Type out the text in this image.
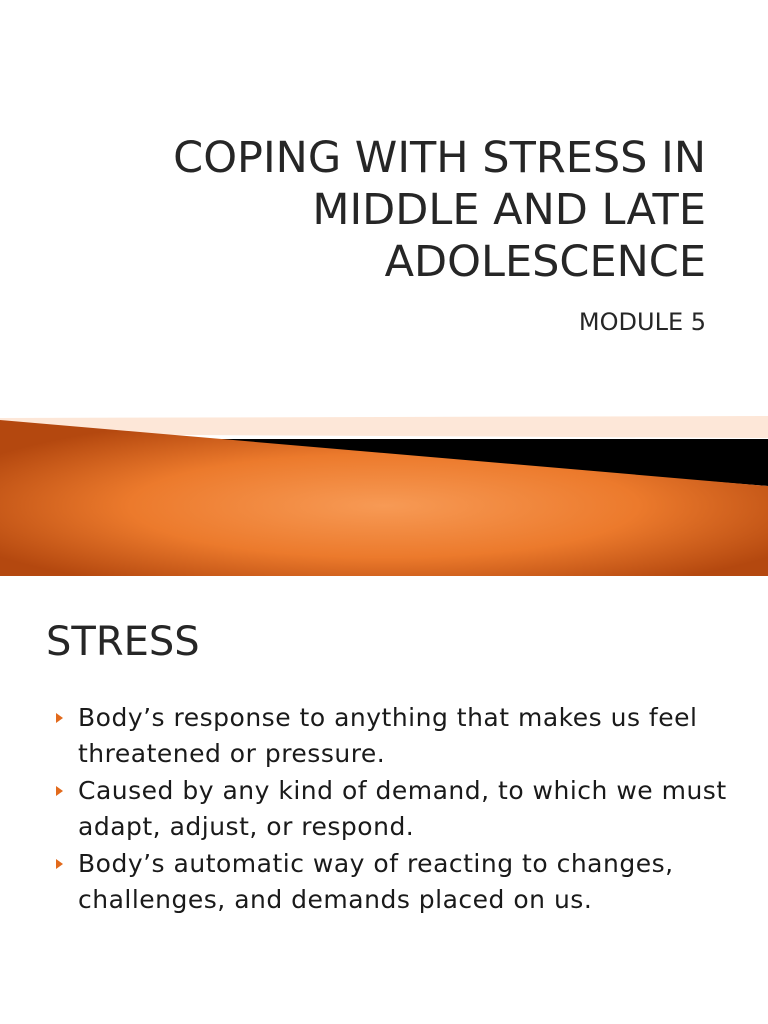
COPING WITH STRESS IN
MIDDLE AND LATE
ADOLESCENCE

MODULE 5

STRESS
Body’s response to anything that makes us feel threatened or pressure.
Caused by any kind of demand, to which we must adapt, adjust, or respond.
Body’s automatic way of reacting to changes, challenges, and demands placed on us.
